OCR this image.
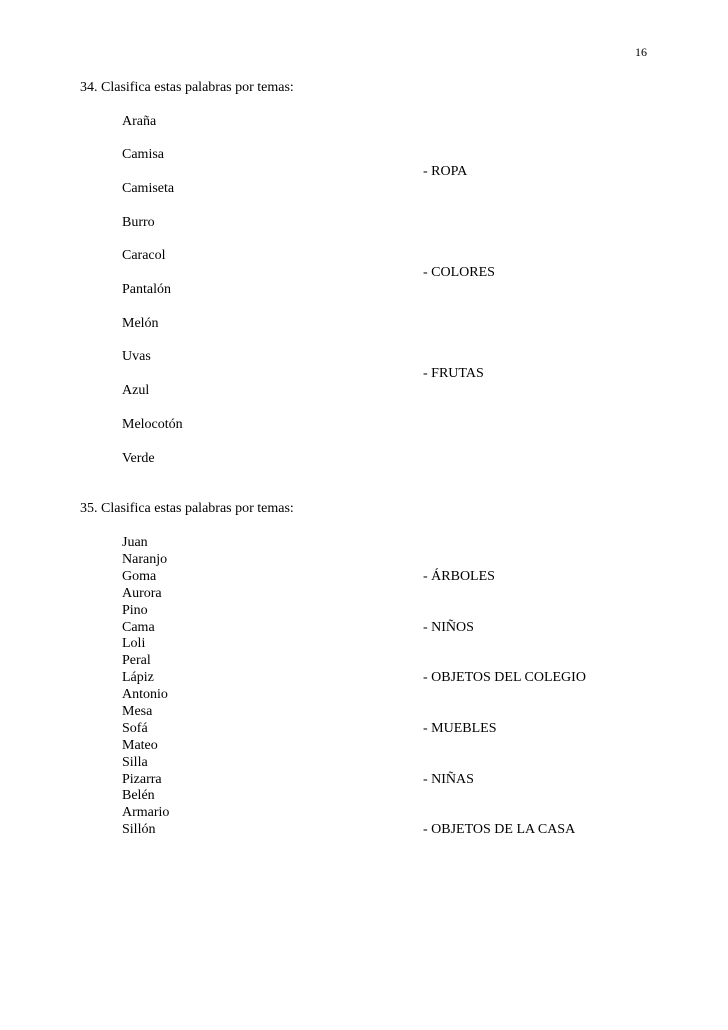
16
34. Clasifica estas palabras por temas:
Araña
Camisa
Camiseta
Burro
Caracol
Pantalón
Melón
Uvas
Azul
Melocotón
Verde
- ROPA
- COLORES
- FRUTAS
35. Clasifica estas palabras por temas:
Juan
Naranjo
Goma
Aurora
Pino
Cama
Loli
Peral
Lápiz
Antonio
Mesa
Sofá
Mateo
Silla
Pizarra
Belén
Armario
Sillón
- ÁRBOLES
- NIÑOS
- OBJETOS DEL COLEGIO
- MUEBLES
- NIÑAS
- OBJETOS DE LA CASA
